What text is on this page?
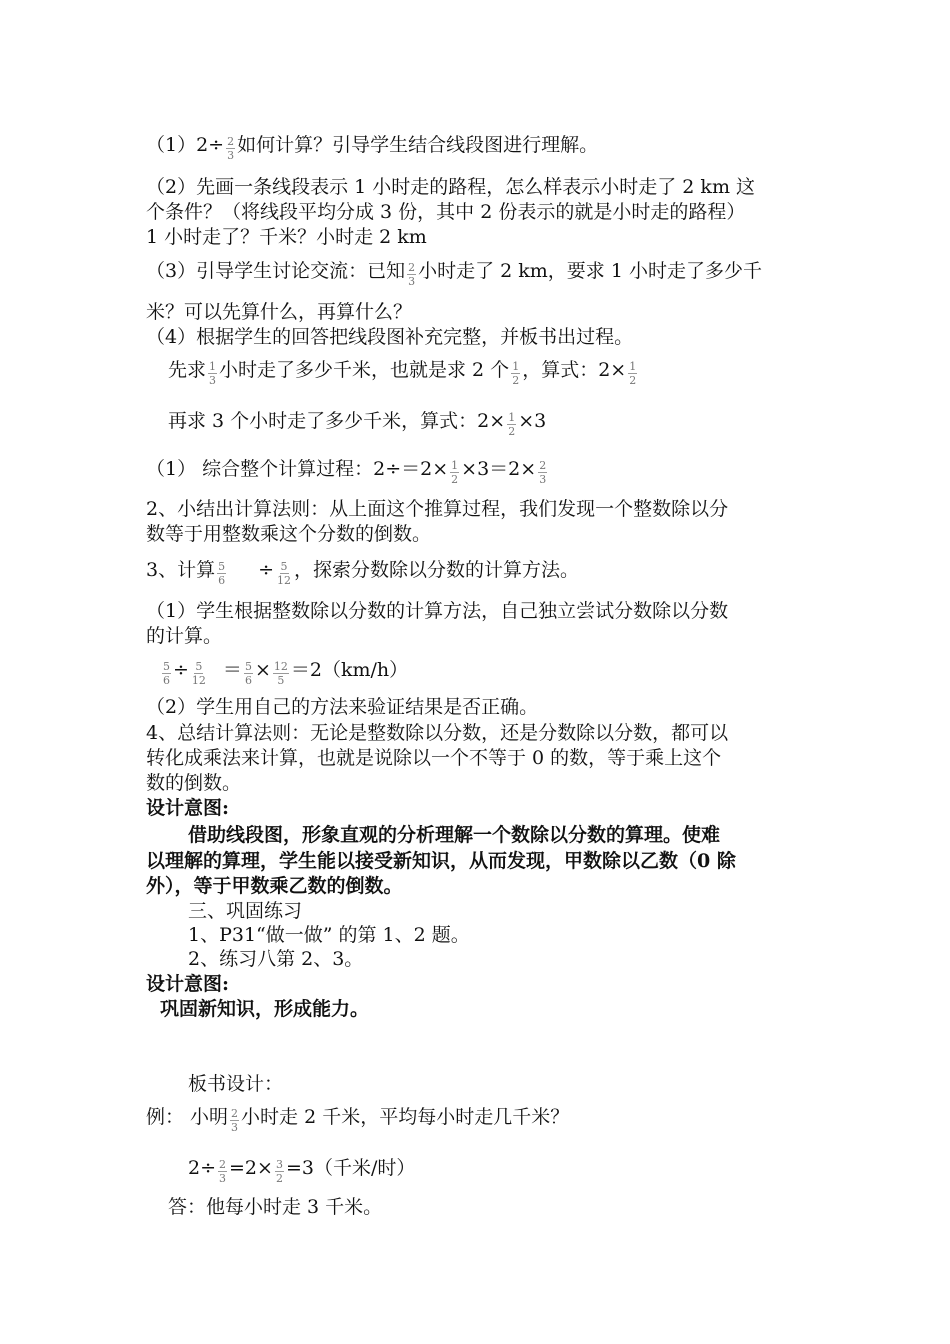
$(1)2\div \frac{2}{3}$ 如何计算？引导学生结合线段图进行理解。
（2）先画一条线段表示 1 小时走的路程，怎么样表示小时走了 2 km 这
个条件？（将线段平均分成 3 份，其中 2 份表示的就是小时走的路程）
1 小时走了？千米？小时走 2 km
（3）引导学生讨论交流：已知 $\frac{2}{3}$ 小时走了 2 km，要求 1 小时走了多少千
米？可以先算什么，再算什么？
（4）根据学生的回答把线段图补充完整，并板书出过程。
先求 $\frac{1}{3}$ 小时走了多少千米，也就是求 2 个 $\frac{1}{2}$ ，算式：$2\times \frac{1}{2}$
再求 3 个小时走了多少千米，算式：$2\times \frac{1}{2} \times 3$
（1） 综合整个计算过程：$2\div=2\times \frac{1}{2} \times 3=2\times \frac{2}{3}$
2、小结出计算法则：从上面这个推算过程，我们发现一个整数除以分
数等于用整数乘这个分数的倒数。
3、计算 $\frac{5}{6} \div \frac{5}{12}$ ，探索分数除以分数的计算方法。
（1）学生根据整数除以分数的计算方法，自己独立尝试分数除以分数
的计算。
$\frac{5}{6} \div \frac{5}{12} = \frac{5}{6} \times \frac{12}{5} =2(km/h)$
（2）学生用自己的方法来验证结果是否正确。
4、总结计算法则：无论是整数除以分数，还是分数除以分数，都可以
转化成乘法来计算，也就是说除以一个不等于 0 的数，等于乘上这个
数的倒数。
设计意图:
借助线段图，形象直观的分析理解一个数除以分数的算理。使难
以理解的算理，学生能以接受新知识，从而发现，甲数除以乙数（0 除
外），等于甲数乘乙数的倒数。
三、巩固练习
1、P31“做一做” 的第 1、2 题。
2、练习八第 2、3。
设计意图:
巩固新知识，形成能力。
板书设计：
例： 小明 $\frac{2}{3}$ 小时走 2 千米，平均每小时走几千米？
$2\div \frac{2}{3} =2\times \frac{3}{2} =3$（千米/时）
答：他每小时走 3 千米。
